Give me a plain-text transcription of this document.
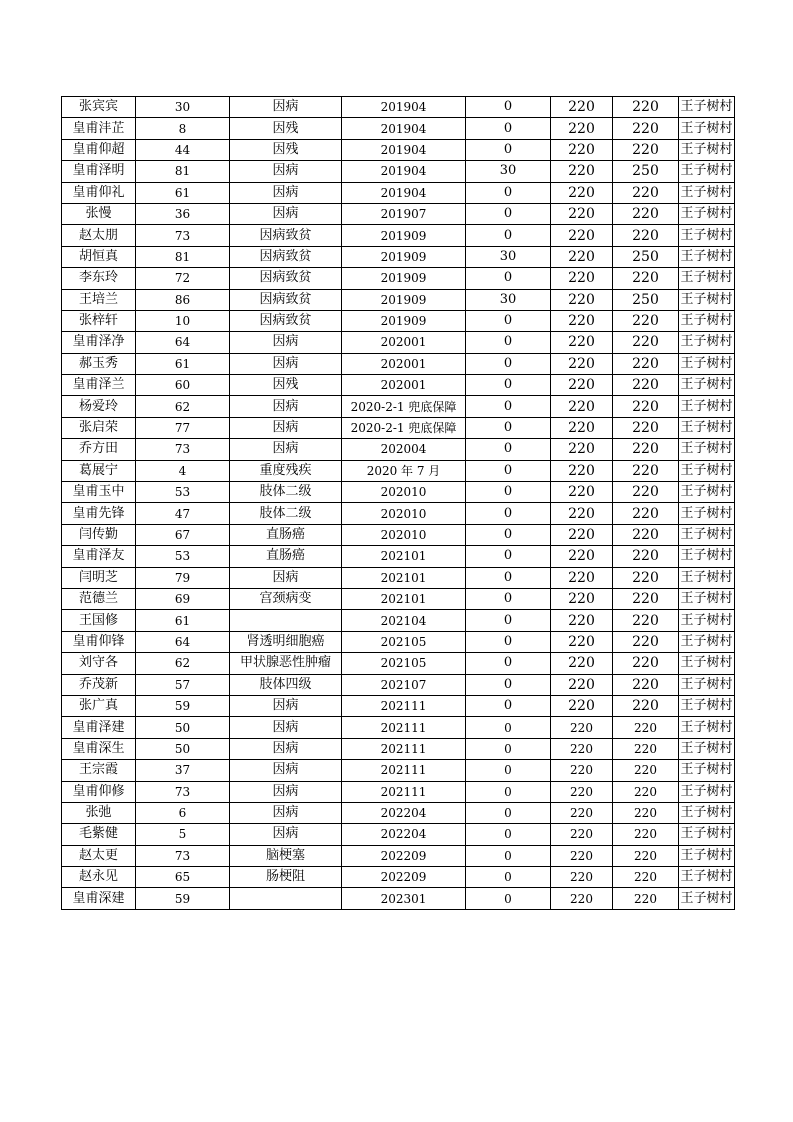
张宾宾	30	因病	201904	0	220	220	王子树村
皇甫沣芷	8	因残	201904	0	220	220	王子树村
皇甫仰超	44	因残	201904	0	220	220	王子树村
皇甫泽明	81	因病	201904	30	220	250	王子树村
皇甫仰礼	61	因病	201904	0	220	220	王子树村
张慢	36	因病	201907	0	220	220	王子树村
赵太朋	73	因病致贫	201909	0	220	220	王子树村
胡恒真	81	因病致贫	201909	30	220	250	王子树村
李东玲	72	因病致贫	201909	0	220	220	王子树村
王培兰	86	因病致贫	201909	30	220	250	王子树村
张梓轩	10	因病致贫	201909	0	220	220	王子树村
皇甫泽净	64	因病	202001	0	220	220	王子树村
郝玉秀	61	因病	202001	0	220	220	王子树村
皇甫泽兰	60	因残	202001	0	220	220	王子树村
杨爱玲	62	因病	2020-2-1 兜底保障	0	220	220	王子树村
张启荣	77	因病	2020-2-1 兜底保障	0	220	220	王子树村
乔方田	73	因病	202004	0	220	220	王子树村
葛展宁	4	重度残疾	2020 年 7 月	0	220	220	王子树村
皇甫玉中	53	肢体二级	202010	0	220	220	王子树村
皇甫先锋	47	肢体二级	202010	0	220	220	王子树村
闫传勤	67	直肠癌	202010	0	220	220	王子树村
皇甫泽友	53	直肠癌	202101	0	220	220	王子树村
闫明芝	79	因病	202101	0	220	220	王子树村
范德兰	69	宫颈病变	202101	0	220	220	王子树村
王国修	61		202104	0	220	220	王子树村
皇甫仰锋	64	肾透明细胞癌	202105	0	220	220	王子树村
刘守各	62	甲状腺恶性肿瘤	202105	0	220	220	王子树村
乔茂新	57	肢体四级	202107	0	220	220	王子树村
张广真	59	因病	202111	0	220	220	王子树村
皇甫泽建	50	因病	202111	0	220	220	王子树村
皇甫深生	50	因病	202111	0	220	220	王子树村
王宗霞	37	因病	202111	0	220	220	王子树村
皇甫仰修	73	因病	202111	0	220	220	王子树村
张弛	6	因病	202204	0	220	220	王子树村
毛紫健	5	因病	202204	0	220	220	王子树村
赵太更	73	脑梗塞	202209	0	220	220	王子树村
赵永见	65	肠梗阻	202209	0	220	220	王子树村
皇甫深建	59		202301	0	220	220	王子树村
